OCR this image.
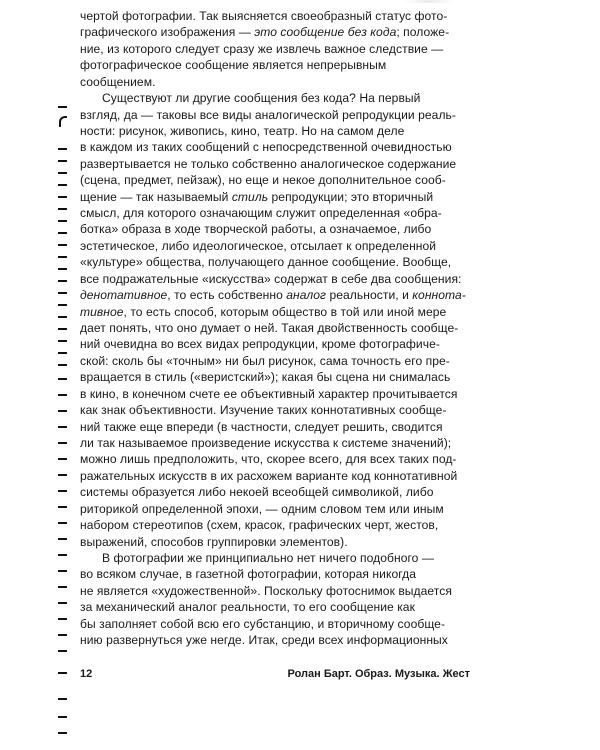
чертой фотографии. Так выясняется своеобразный статус фото-
графического изображения — это сообщение без кода; положе-
ние, из которого следует сразу же извлечь важное следствие —
фотографическое сообщение является непрерывным
сообщением.
Существуют ли другие сообщения без кода? На первый
взгляд, да — таковы все виды аналогической репродукции реаль-
ности: рисунок, живопись, кино, театр. Но на самом деле
в каждом из таких сообщений с непосредственной очевидностью
развертывается не только собственно аналогическое содержание
(сцена, предмет, пейзаж), но еще и некое дополнительное сооб-
щение — так называемый стиль репродукции; это вторичный
смысл, для которого означающим служит определенная «обра-
ботка» образа в ходе творческой работы, а означаемое, либо
эстетическое, либо идеологическое, отсылает к определенной
«культуре» общества, получающего данное сообщение. Вообще,
все подражательные «искусства» содержат в себе два сообщения:
денотативное, то есть собственно аналог реальности, и коннота-
тивное, то есть способ, которым общество в той или иной мере
дает понять, что оно думает о ней. Такая двойственность сообще-
ний очевидна во всех видах репродукции, кроме фотографиче-
ской: сколь бы «точным» ни был рисунок, сама точность его пре-
вращается в стиль («веристский»); какая бы сцена ни снималась
в кино, в конечном счете ее объективный характер прочитывается
как знак объективности. Изучение таких коннотативных сообще-
ний также еще впереди (в частности, следует решить, сводится
ли так называемое произведение искусства к системе значений);
можно лишь предположить, что, скорее всего, для всех таких под-
ражательных искусств в их расхожем варианте код коннотативной
системы образуется либо некоей всеобщей символикой, либо
риторикой определенной эпохи, — одним словом тем или иным
набором стереотипов (схем, красок, графических черт, жестов,
выражений, способов группировки элементов).
В фотографии же принципиально нет ничего подобного —
во всяком случае, в газетной фотографии, которая никогда
не является «художественной». Поскольку фотоснимок выдается
за механический аналог реальности, то его сообщение как
бы заполняет собой всю его субстанцию, и вторичному сообще-
нию развернуться уже негде. Итак, среди всех информационных
12	Ролан Барт. Образ. Музыка. Жест
